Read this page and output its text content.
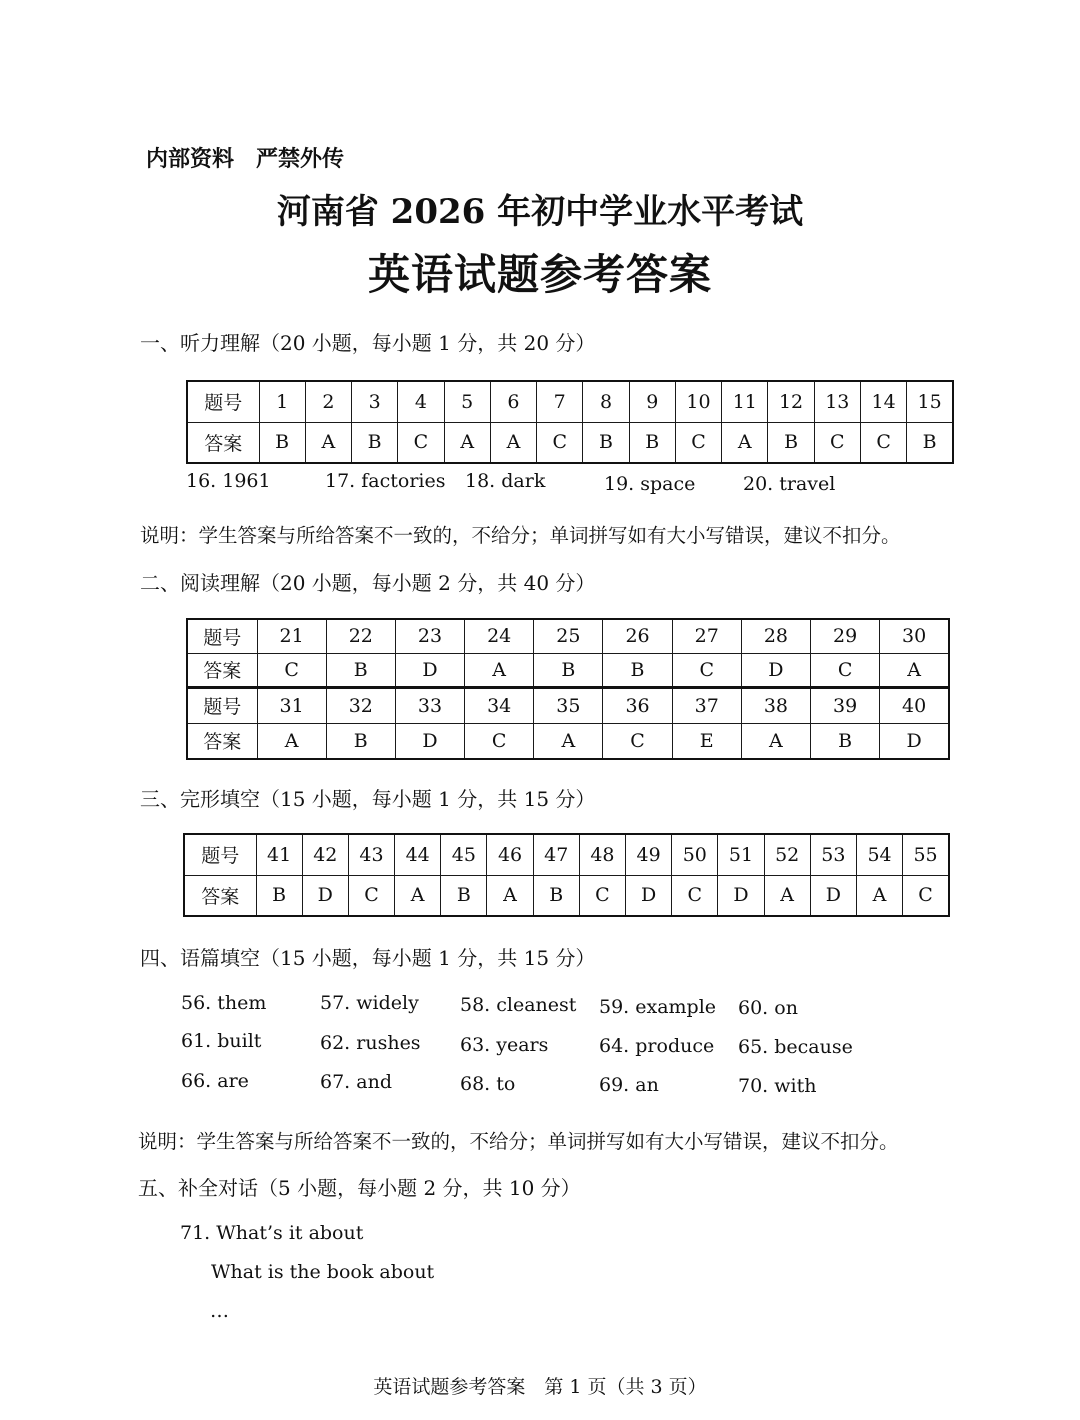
内部资料　严禁外传
河南省 2026 年初中学业水平考试
英语试题参考答案
一、听力理解（20 小题，每小题 1 分，共 20 分）
题号	1	2	3	4	5	6	7	8	9	10	11	12	13	14	15
答案	B	A	B	C	A	A	C	B	B	C	A	B	C	C	B
16. 1961	17. factories 18. dark	19. space	20. travel
说明：学生答案与所给答案不一致的，不给分；单词拼写如有大小写错误，建议不扣分。
二、阅读理解（20 小题，每小题 2 分，共 40 分）
题号	21	22	23	24	25	26	27	28	29	30
答案	C	B	D	A	B	B	C	D	C	A
题号	31	32	33	34	35	36	37	38	39	40
答案	A	B	D	C	A	C	E	A	B	D
三、完形填空（15 小题，每小题 1 分，共 15 分）
题号	41	42	43	44	45	46	47	48	49	50	51	52	53	54	55
答案	B	D	C	A	B	A	B	C	D	C	D	A	D	A	C
四、语篇填空（15 小题，每小题 1 分，共 15 分）
56. them	57. widely 58. cleanest 59. example 60. on
61. built	62. rushes 63. years	64. produce 65. because
66. are	67. and	68. to	69. an	70. with
说明：学生答案与所给答案不一致的，不给分；单词拼写如有大小写错误，建议不扣分。
五、补全对话（5 小题，每小题 2 分，共 10 分）
71. What’s it about
What is the book about
…
英语试题参考答案　第 1 页（共 3 页）
